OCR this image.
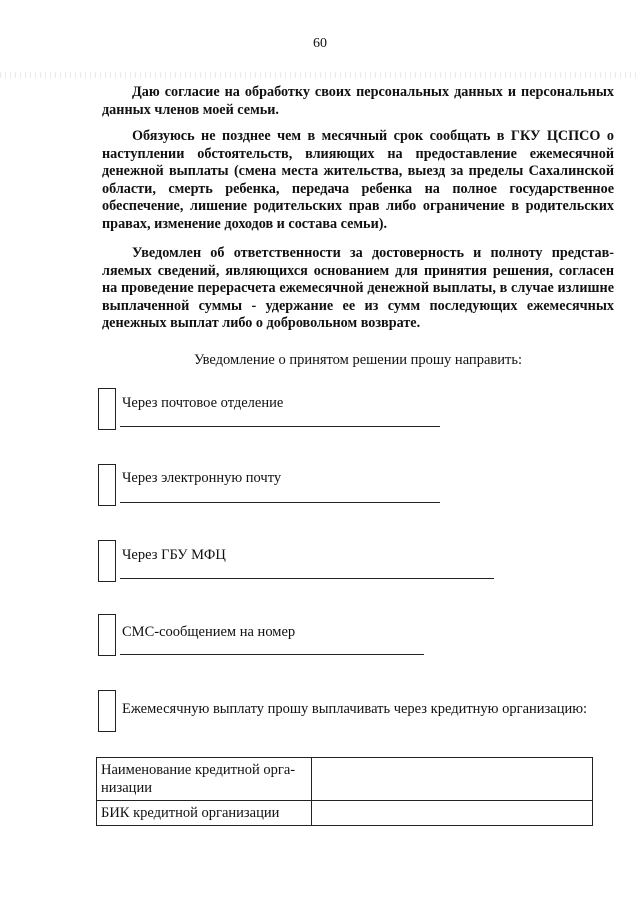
60

Даю согласие на обработку своих персональных данных и персональных данных членов моей семьи.

Обязуюсь не позднее чем в месячный срок сообщать в ГКУ ЦСПСО о наступлении обстоятельств, влияющих на предоставление ежемесячной денежной выплаты (смена места жительства, выезд за пределы Сахалинской области, смерть ребенка, передача ребенка на полное государственное обеспечение, лишение родительских прав либо ограничение в родительских правах, изменение доходов и состава семьи).

Уведомлен об ответственности за достоверность и полноту представляемых сведений, являющихся основанием для принятия решения, согласен на проведение перерасчета ежемесячной денежной выплаты, в случае излишне выплаченной суммы - удержание ее из сумм последующих ежемесячных денежных выплат либо о добровольном возврате.

Уведомление о принятом решении прошу направить:
Через почтовое отделение
Через электронную почту
Через ГБУ МФЦ
СМС-сообщением на номер
Ежемесячную выплату прошу выплачивать через кредитную организацию:
Наименование кредитной организации	
БИК кредитной организации	
